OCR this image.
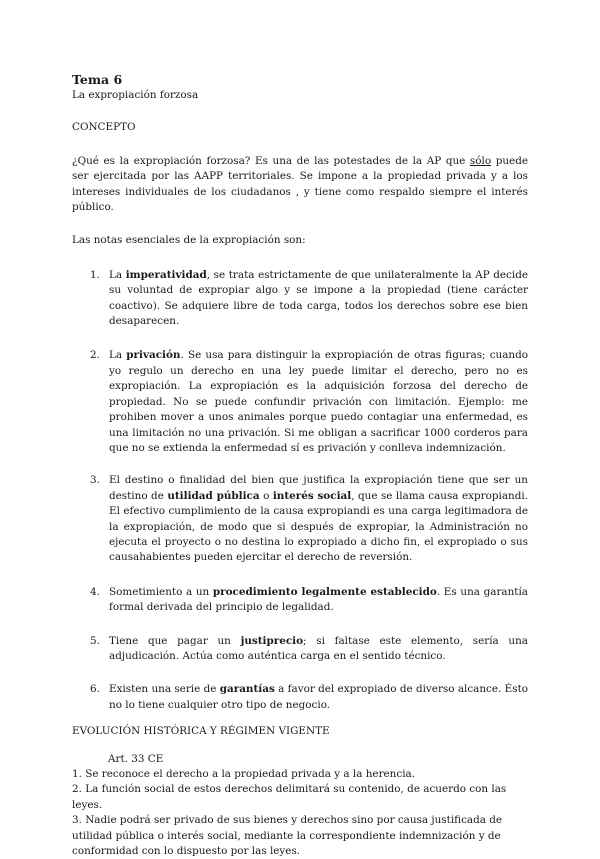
Tema 6
La expropiación forzosa
CONCEPTO

¿Qué es la expropiación forzosa? Es una de las potestades de la AP que sólo puede ser ejercitada por las AAPP territoriales. Se impone a la propiedad privada y a los intereses individuales de los ciudadanos , y tiene como respaldo siempre el interés público.

Las notas esenciales de la expropiación son:

1. La imperatividad, se trata estrictamente de que unilateralmente la AP decide su voluntad de expropiar algo y se impone a la propiedad (tiene carácter coactivo). Se adquiere libre de toda carga, todos los derechos sobre ese bien desaparecen.
2. La privación. Se usa para distinguir la expropiación de otras figuras; cuando yo regulo un derecho en una ley puede limitar el derecho, pero no es expropiación. La expropiación es la adquisición forzosa del derecho de propiedad. No se puede confundir privación con limitación. Ejemplo: me prohiben mover a unos animales porque puedo contagiar una enfermedad, es una limitación no una privación. Si me obligan a sacrificar 1000 corderos para que no se extienda la enfermedad sí es privación y conlleva indemnización.
3. El destino o finalidad del bien que justifica la expropiación tiene que ser un destino de utilidad pública o interés social, que se llama causa expropiandi. El efectivo cumplimiento de la causa expropiandi es una carga legitimadora de la expropiación, de modo que si después de expropiar, la Administración no ejecuta el proyecto o no destina lo expropiado a dicho fin, el expropiado o sus causahabientes pueden ejercitar el derecho de reversión.
4. Sometimiento a un procedimiento legalmente establecido. Es una garantía formal derivada del principio de legalidad.
5. Tiene que pagar un justiprecio; si faltase este elemento, sería una adjudicación. Actúa como auténtica carga en el sentido técnico.
6. Existen una serie de garantías a favor del expropiado de diverso alcance. Ésto no lo tiene cualquier otro tipo de negocio.
EVOLUCIÓN HISTÓRICA Y RÉGIMEN VIGENTE
Art. 33 CE

1. Se reconoce el derecho a la propiedad privada y a la herencia.

2. La función social de estos derechos delimitará su contenido, de acuerdo con las leyes.

3. Nadie podrá ser privado de sus bienes y derechos sino por causa justificada de utilidad pública o interés social, mediante la correspondiente indemnización y de conformidad con lo dispuesto por las leyes.
